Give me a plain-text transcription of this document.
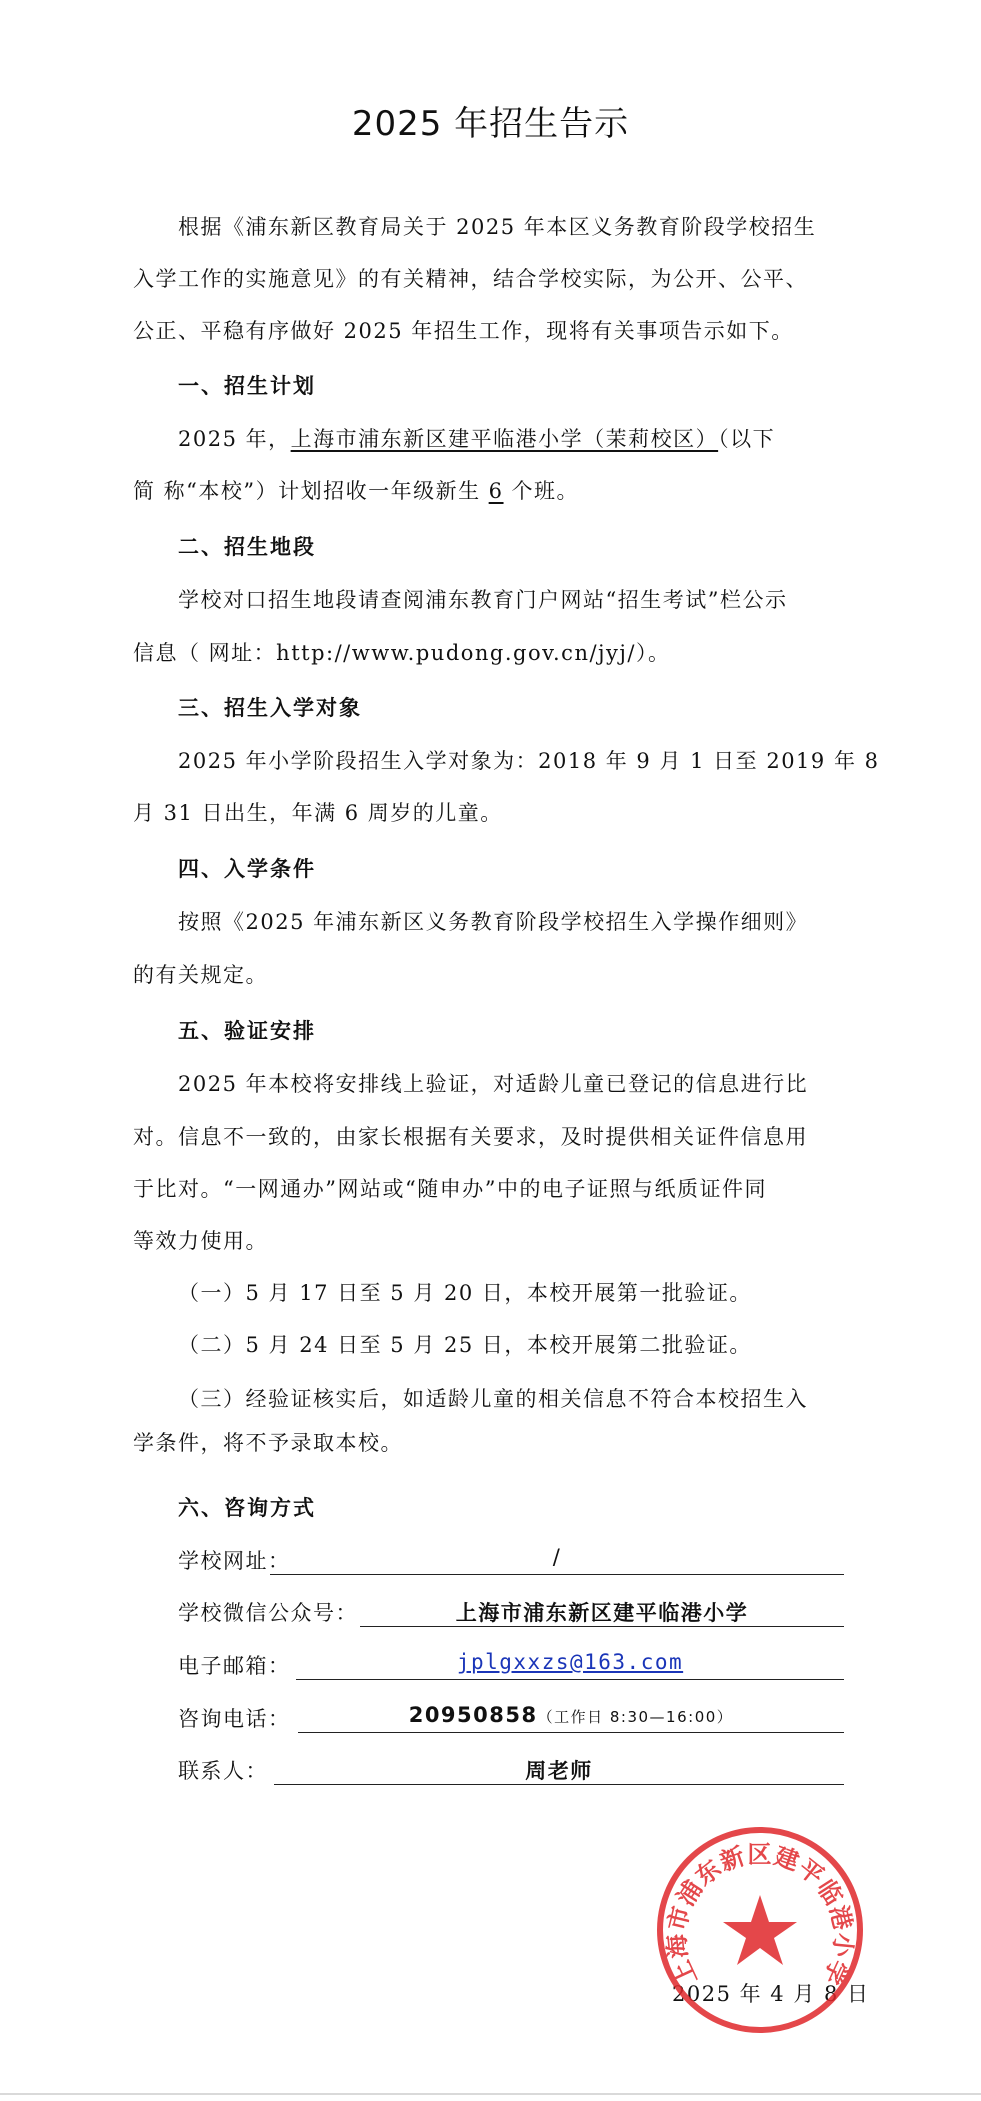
2025 年招生告示
根据《浦东新区教育局关于 2025 年本区义务教育阶段学校招生
入学工作的实施意见》的有关精神，结合学校实际，为公开、公平、
公正、平稳有序做好 2025 年招生工作，现将有关事项告示如下。
一、招生计划
2025 年，上海市浦东新区建平临港小学（茉莉校区）（以下
简 称“本校”）计划招收一年级新生 6 个班。
二、招生地段
学校对口招生地段请查阅浦东教育门户网站“招生考试”栏公示
信息（ 网址：http://www.pudong.gov.cn/jyj/）。
三、招生入学对象
2025 年小学阶段招生入学对象为：2018 年 9 月 1 日至 2019 年 8
月 31 日出生，年满 6 周岁的儿童。
四、入学条件
按照《2025 年浦东新区义务教育阶段学校招生入学操作细则》
的有关规定。
五、验证安排
2025 年本校将安排线上验证，对适龄儿童已登记的信息进行比
对。信息不一致的，由家长根据有关要求，及时提供相关证件信息用
于比对。“一网通办”网站或“随申办”中的电子证照与纸质证件同
等效力使用。
（一）5 月 17 日至 5 月 20 日，本校开展第一批验证。
（二）5 月 24 日至 5 月 25 日，本校开展第二批验证。
（三）经验证核实后，如适龄儿童的相关信息不符合本校招生入
学条件，将不予录取本校。
六、咨询方式
学校网址：	/
学校微信公众号：	上海市浦东新区建平临港小学
电子邮箱：	jplgxxzs@163.com
咨询电话：	20950858（工作日 8:30—16:00）
联系人：	周老师
2025 年 4 月 8 日
上海市浦东新区建平临港小学
